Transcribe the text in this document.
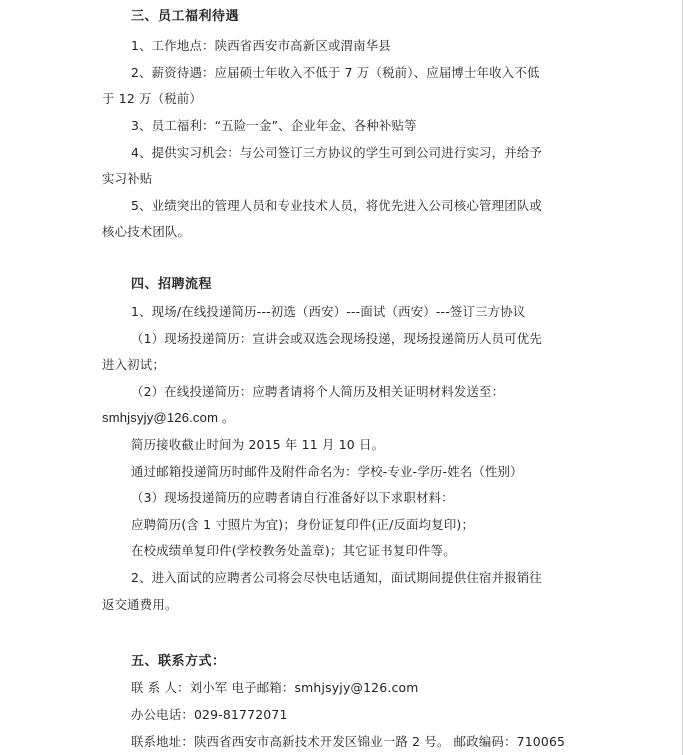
三、员工福利待遇
1、工作地点：陕西省西安市高新区或渭南华县
2、薪资待遇：应届硕士年收入不低于 7 万（税前）、应届博士年收入不低
于 12 万（税前）
3、员工福利：“五险一金”、企业年金、各种补贴等
4、提供实习机会：与公司签订三方协议的学生可到公司进行实习，并给予
实习补贴
5、业绩突出的管理人员和专业技术人员，将优先进入公司核心管理团队或
核心技术团队。
四、招聘流程
1、现场/在线投递简历---初选（西安）---面试（西安）---签订三方协议
（1）现场投递简历：宣讲会或双选会现场投递，现场投递简历人员可优先
进入初试；
（2）在线投递简历：应聘者请将个人简历及相关证明材料发送至：
smhjsyjy@126.com 。
简历接收截止时间为 2015 年 11 月 10 日。
通过邮箱投递简历时邮件及附件命名为：学校-专业-学历-姓名（性别）
（3）现场投递简历的应聘者请自行准备好以下求职材料：
应聘简历(含 1 寸照片为宜)；身份证复印件(正/反面均复印)；
在校成绩单复印件(学校教务处盖章)；其它证书复印件等。
2、进入面试的应聘者公司将会尽快电话通知，面试期间提供住宿并报销往
返交通费用。
五、联系方式：
联 系 人：刘小军 电子邮箱：smhjsyjy@126.com
办公电话：029-81772071
联系地址：陕西省西安市高新技术开发区锦业一路 2 号。 邮政编码：710065
